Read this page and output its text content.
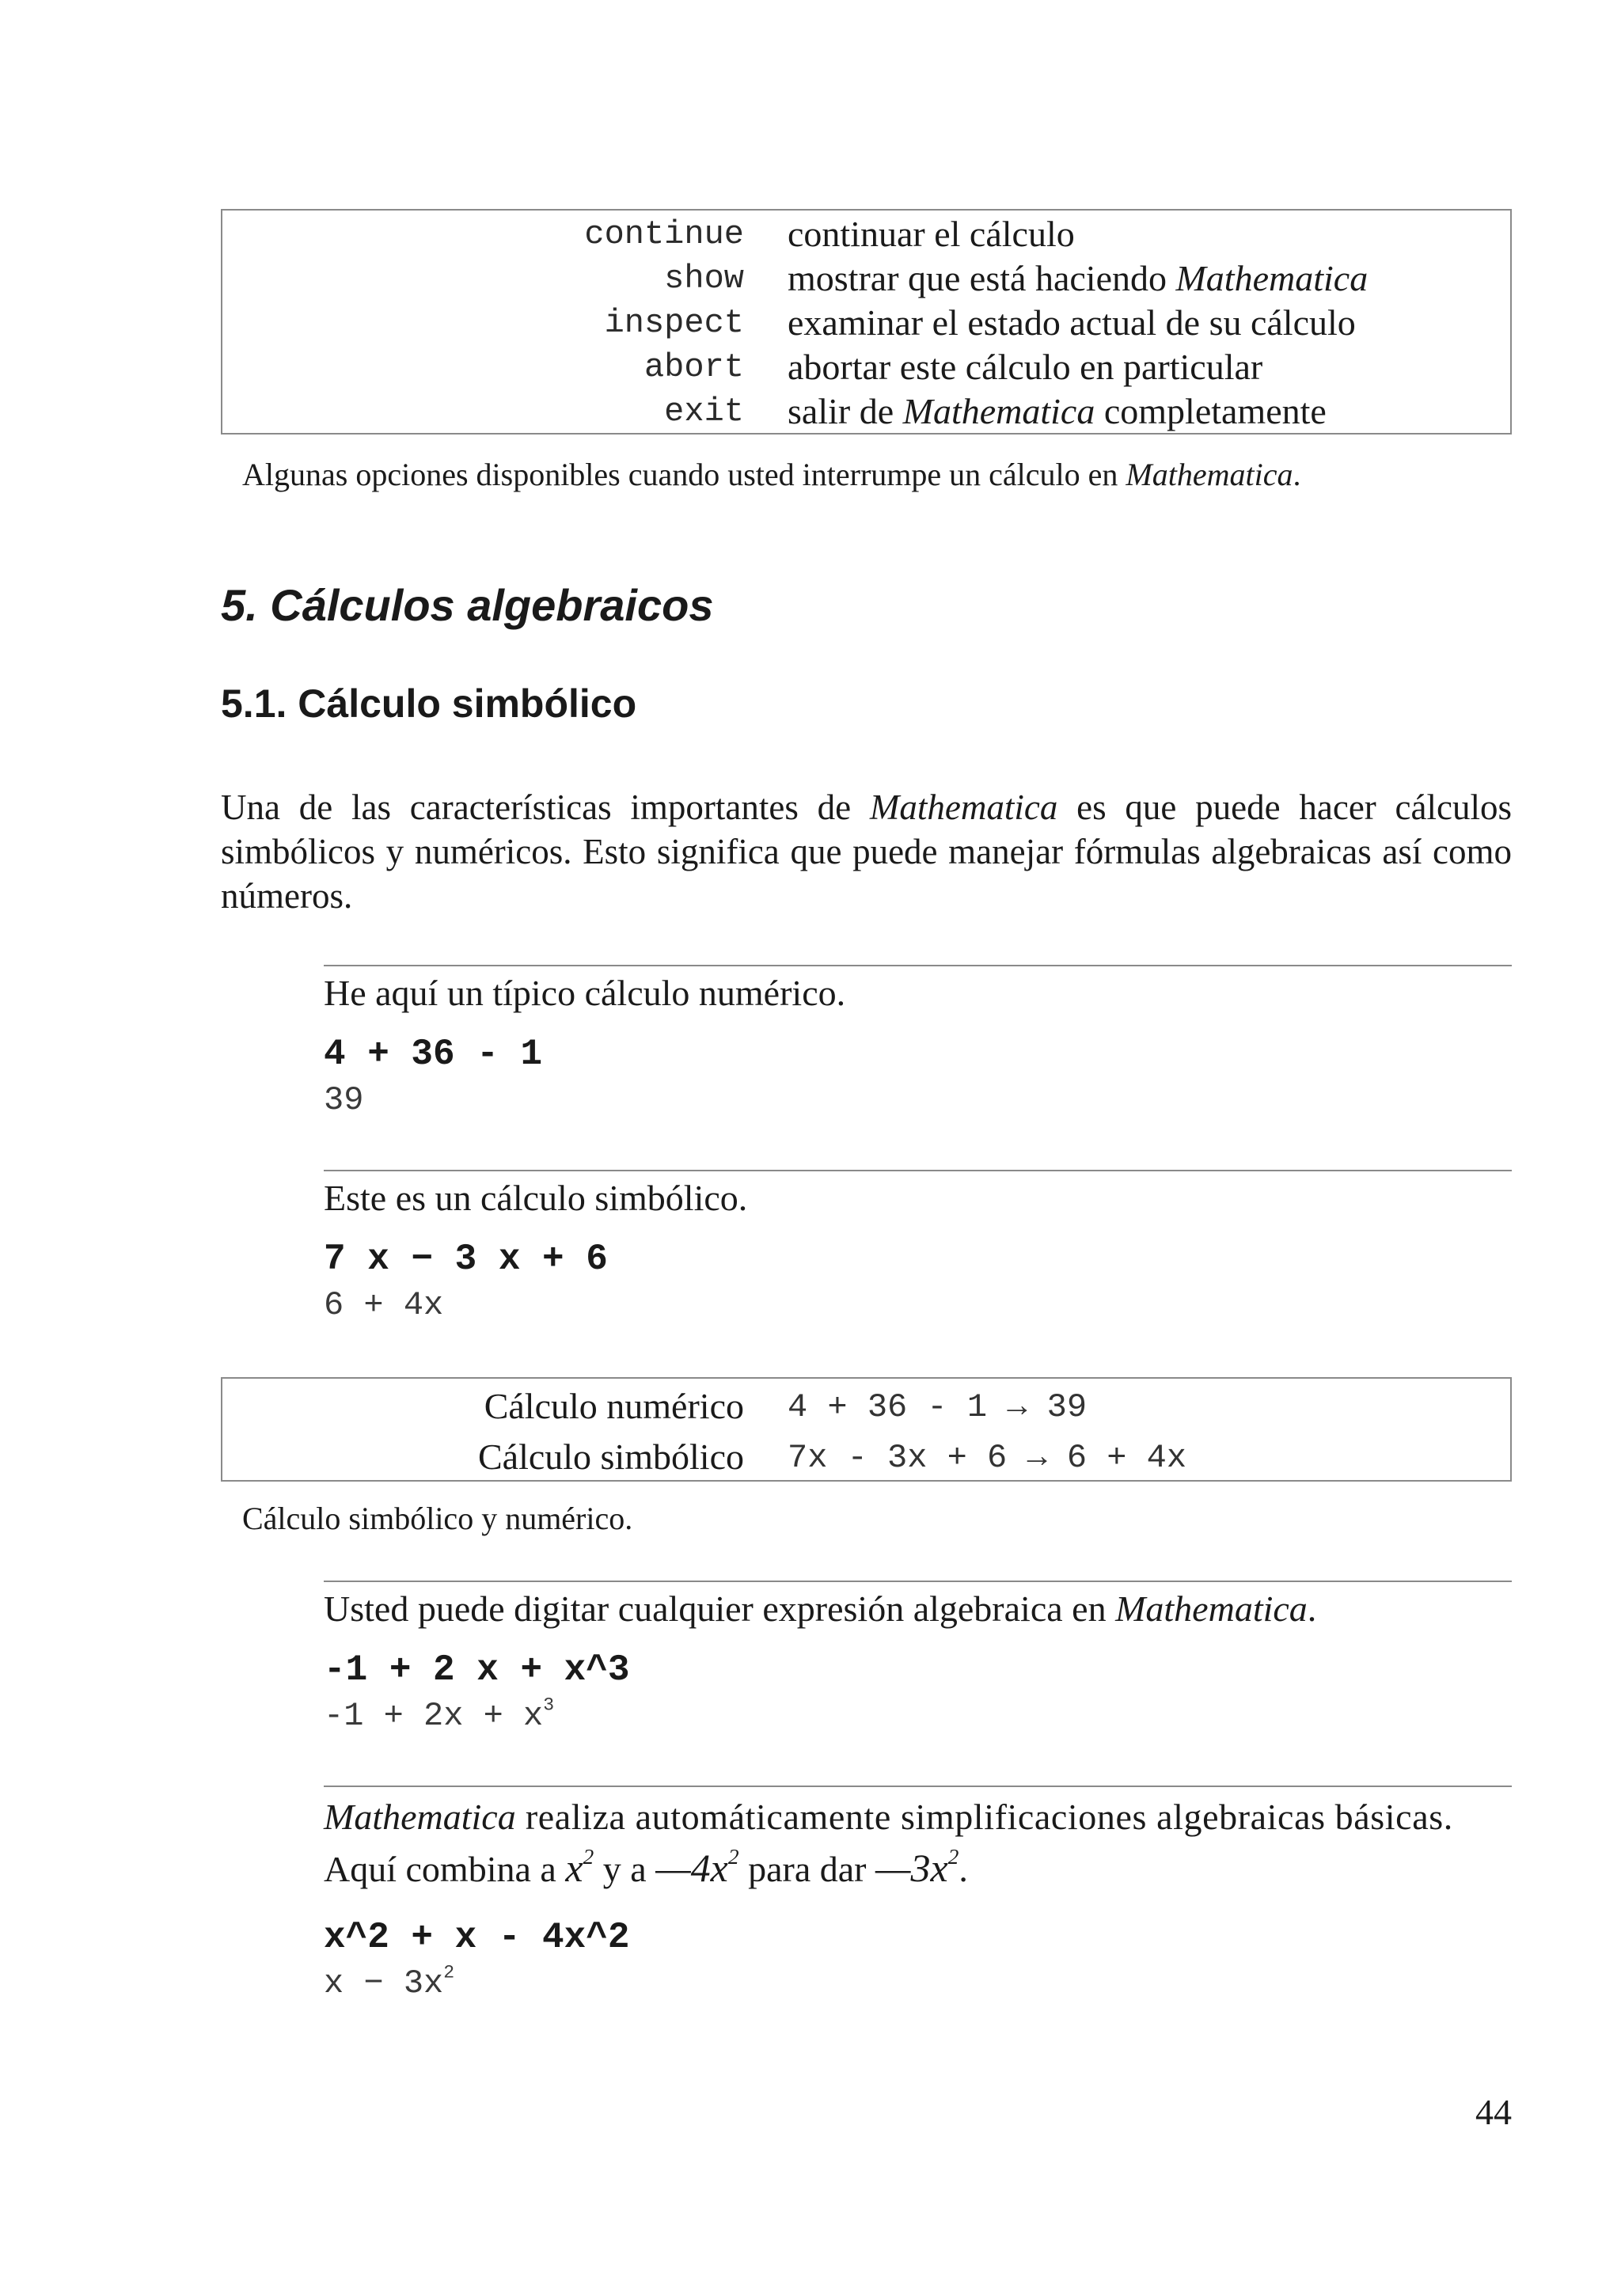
continue continuar el cálculo
show mostrar que está haciendo Mathematica
inspect examinar el estado actual de su cálculo
abort abortar este cálculo en particular
exit salir de Mathematica completamente
Algunas opciones disponibles cuando usted interrumpe un cálculo en Mathematica.
5. Cálculos algebraicos
5.1. Cálculo simbólico

Una de las características importantes de Mathematica es que puede hacer cálculos simbólicos y numéricos. Esto significa que puede manejar fórmulas algebraicas así como números.

He aquí un típico cálculo numérico.
4 + 36 - 1
39
Este es un cálculo simbólico.
7 x − 3 x + 6
6 + 4x
Cálculo numérico 4 + 36 - 1 → 39
Cálculo simbólico 7x - 3x + 6 → 6 + 4x
Cálculo simbólico y numérico.
Usted puede digitar cualquier expresión algebraica en Mathematica.
-1 + 2 x + x^3
$-1 + 2x + x^3$

Mathematica realiza automáticamente simplificaciones algebraicas básicas.
Aquí combina a $x^2$ y a $—4x^2$ para dar $—3x^2$.

x^2 + x - 4x^2
$x - 3x^2$
44
